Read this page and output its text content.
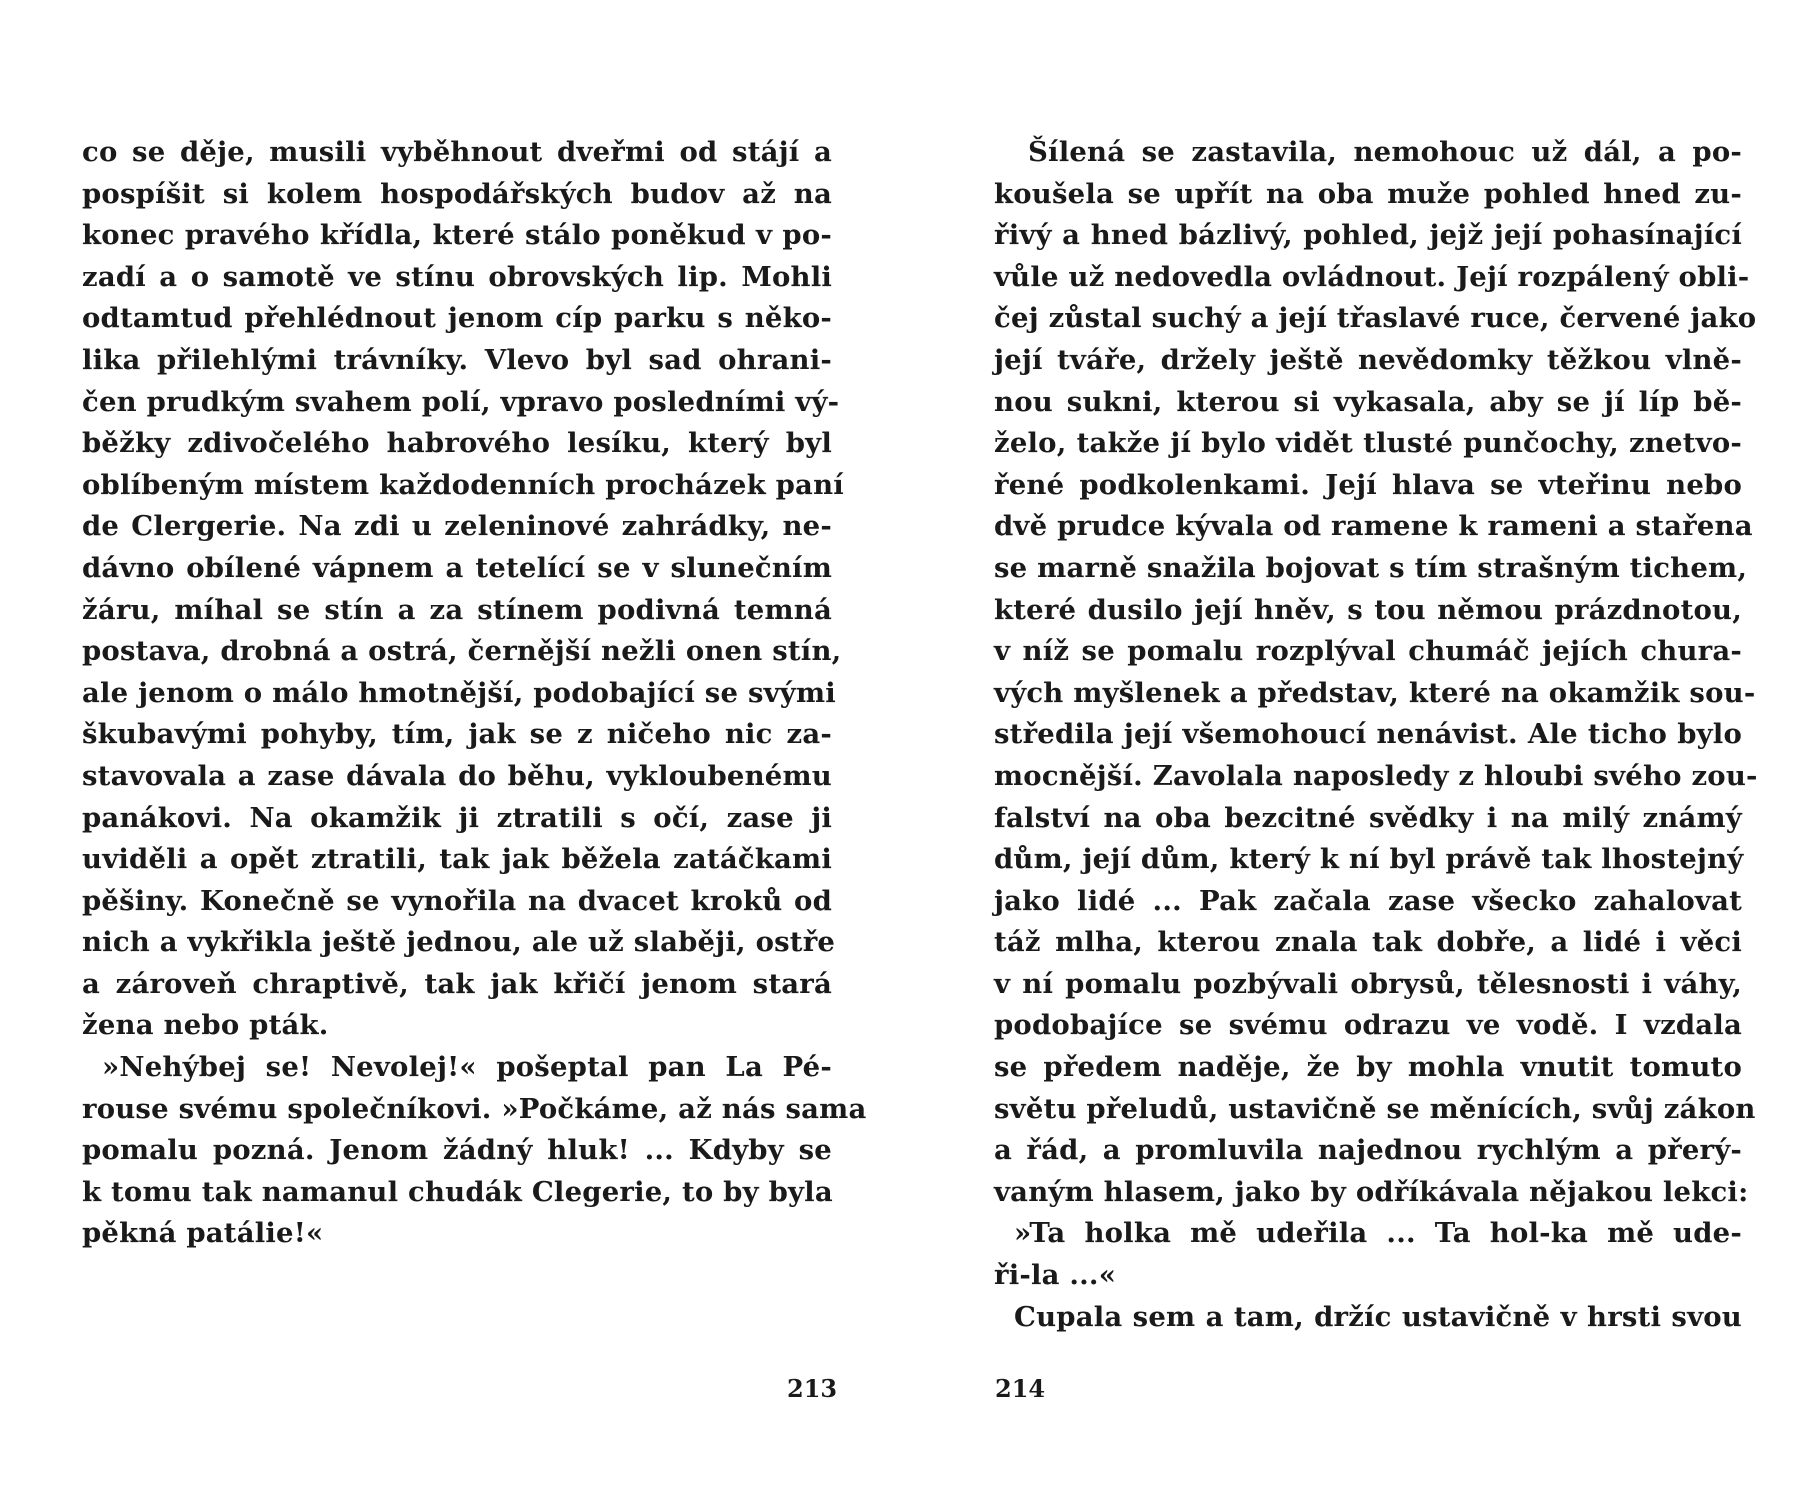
co se děje, musili vyběhnout dveřmi od stájí a
pospíšit si kolem hospodářských budov až na
konec pravého křídla, které stálo poněkud v po-
zadí a o samotě ve stínu obrovských lip. Mohli
odtamtud přehlédnout jenom cíp parku s něko-
lika přilehlými trávníky. Vlevo byl sad ohrani-
čen prudkým svahem polí, vpravo posledními vý-
běžky zdivočelého habrového lesíku, který byl
oblíbeným místem každodenních procházek paní
de Clergerie. Na zdi u zeleninové zahrádky, ne-
dávno obílené vápnem a tetelící se v slunečním
žáru, míhal se stín a za stínem podivná temná
postava, drobná a ostrá, černější nežli onen stín,
ale jenom o málo hmotnější, podobající se svými
škubavými pohyby, tím, jak se z ničeho nic za-
stavovala a zase dávala do běhu, vykloubenému
panákovi. Na okamžik ji ztratili s očí, zase ji
uviděli a opět ztratili, tak jak běžela zatáčkami
pěšiny. Konečně se vynořila na dvacet kroků od
nich a vykřikla ještě jednou, ale už slaběji, ostře
a zároveň chraptivě, tak jak křičí jenom stará
žena nebo pták.
»Nehýbej se! Nevolej!« pošeptal pan La Pé-
rouse svému společníkovi. »Počkáme, až nás sama
pomalu pozná. Jenom žádný hluk! ... Kdyby se
k tomu tak namanul chudák Clegerie, to by byla
pěkná patálie!«
Šílená se zastavila, nemohouc už dál, a po-
koušela se upřít na oba muže pohled hned zu-
řivý a hned bázlivý, pohled, jejž její pohasínající
vůle už nedovedla ovládnout. Její rozpálený obli-
čej zůstal suchý a její třaslavé ruce, červené jako
její tváře, držely ještě nevědomky těžkou vlně-
nou sukni, kterou si vykasala, aby se jí líp bě-
želo, takže jí bylo vidět tlusté punčochy, znetvo-
řené podkolenkami. Její hlava se vteřinu nebo
dvě prudce kývala od ramene k rameni a stařena
se marně snažila bojovat s tím strašným tichem,
které dusilo její hněv, s tou němou prázdnotou,
v níž se pomalu rozplýval chumáč jejích chura-
vých myšlenek a představ, které na okamžik sou-
středila její všemohoucí nenávist. Ale ticho bylo
mocnější. Zavolala naposledy z hloubi svého zou-
falství na oba bezcitné svědky i na milý známý
dům, její dům, který k ní byl právě tak lhostejný
jako lidé ... Pak začala zase všecko zahalovat
táž mlha, kterou znala tak dobře, a lidé i věci
v ní pomalu pozbývali obrysů, tělesnosti i váhy,
podobajíce se svému odrazu ve vodě. I vzdala
se předem naděje, že by mohla vnutit tomuto
světu přeludů, ustavičně se měnících, svůj zákon
a řád, a promluvila najednou rychlým a přerý-
vaným hlasem, jako by odříkávala nějakou lekci:
»Ta holka mě udeřila ... Ta hol-ka mě ude-
ři-la ...«
Cupala sem a tam, držíc ustavičně v hrsti svou
213	214
